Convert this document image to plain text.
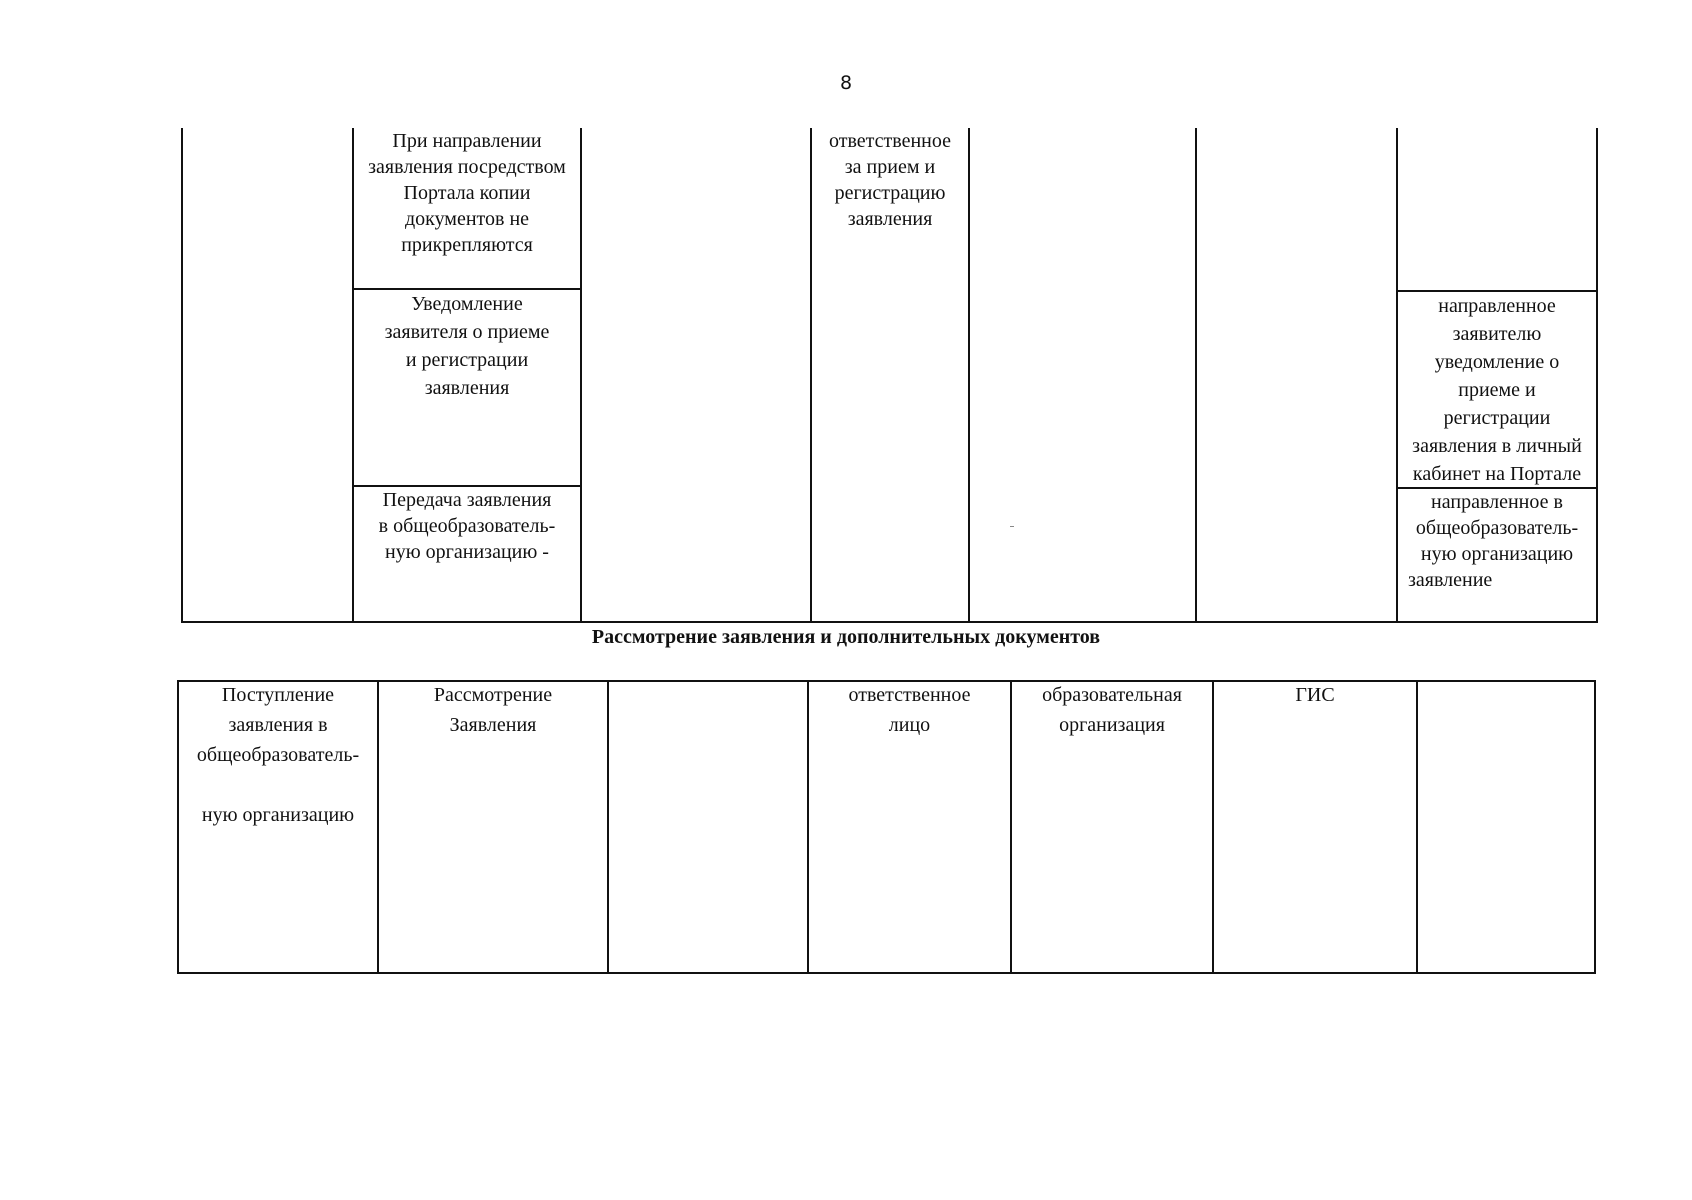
8
При направлении
заявления посредством
Портала копии
документов не
прикрепляются
Уведомление
заявителя о приеме
и регистрации
заявления
Передача заявления
в общеобразователь-
ную организацию -
ответственное
за прием и
регистрацию
заявления
направленное
заявителю
уведомление о
приеме и
регистрации
заявления в личный
кабинет на Портале
направленное в
общеобразователь-
ную организацию
заявление
Рассмотрение заявления и дополнительных документов
Поступление
заявления в
общеобразователь-
ную организацию
Рассмотрение
Заявления
ответственное
лицо
образовательная
организация
ГИС
